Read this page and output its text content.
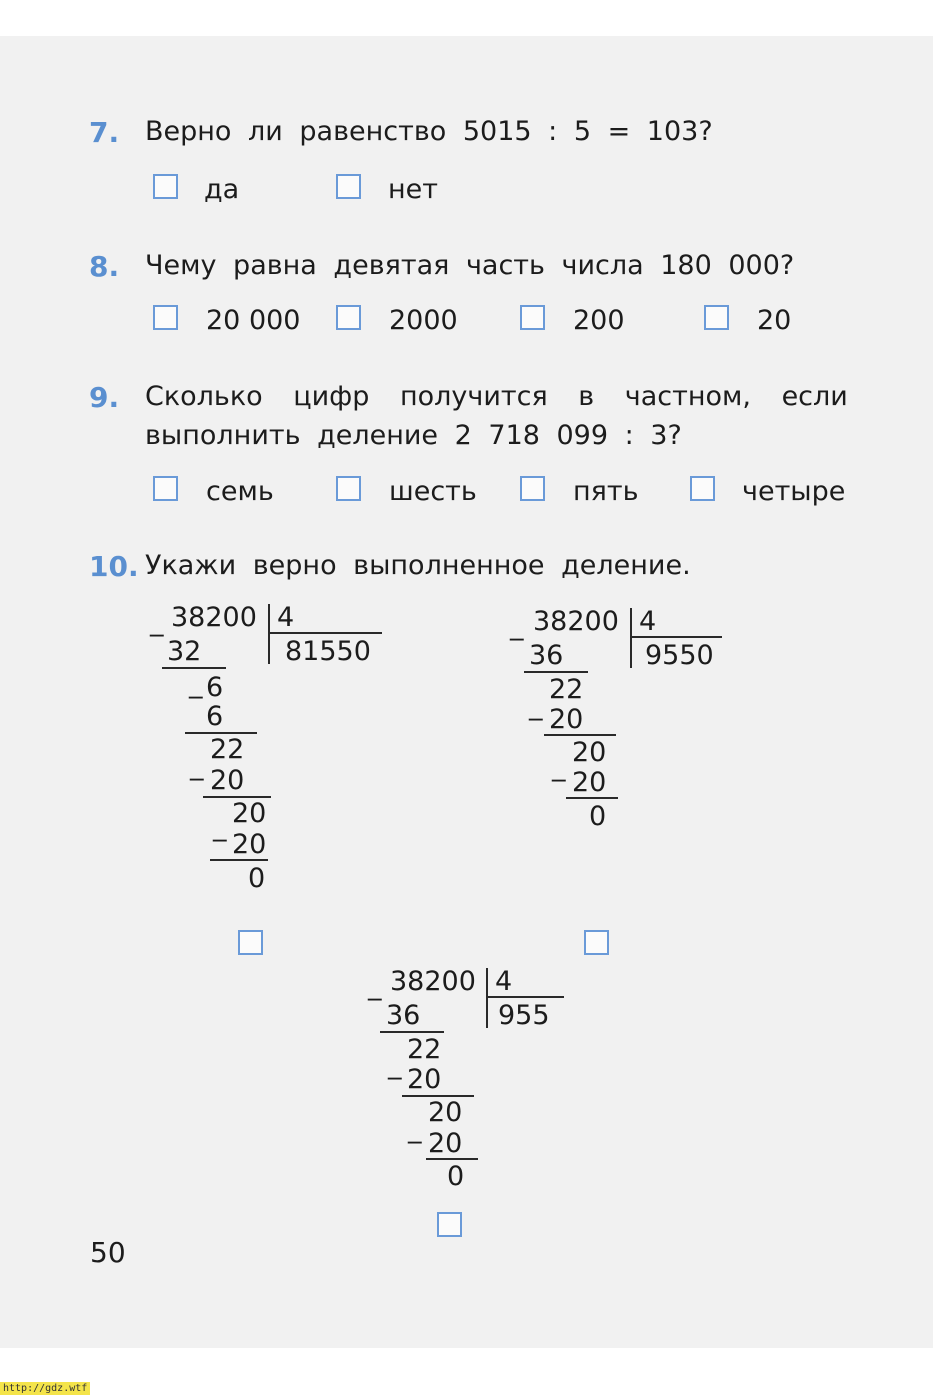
7. Верно ли равенство 5015 : 5 = 103?
да	нет
8. Чему равна девятая часть числа 180 000?
20 000	2000	200	20
9. Сколько цифр получится в частном, если
выполнить деление 2 718 099 : 3?
семь	шесть	пять	четыре
10. Укажи верно выполненное деление.
_ 38200 4
81550
32
_ 6
6
_
22
20
_ 20
20
0
_ 38200 4
9550
36
_
22
20
_ 20
20
0
_ 38200 4
955
36
_ 22
20
_
20
20
0
50
http://gdz.wtf
